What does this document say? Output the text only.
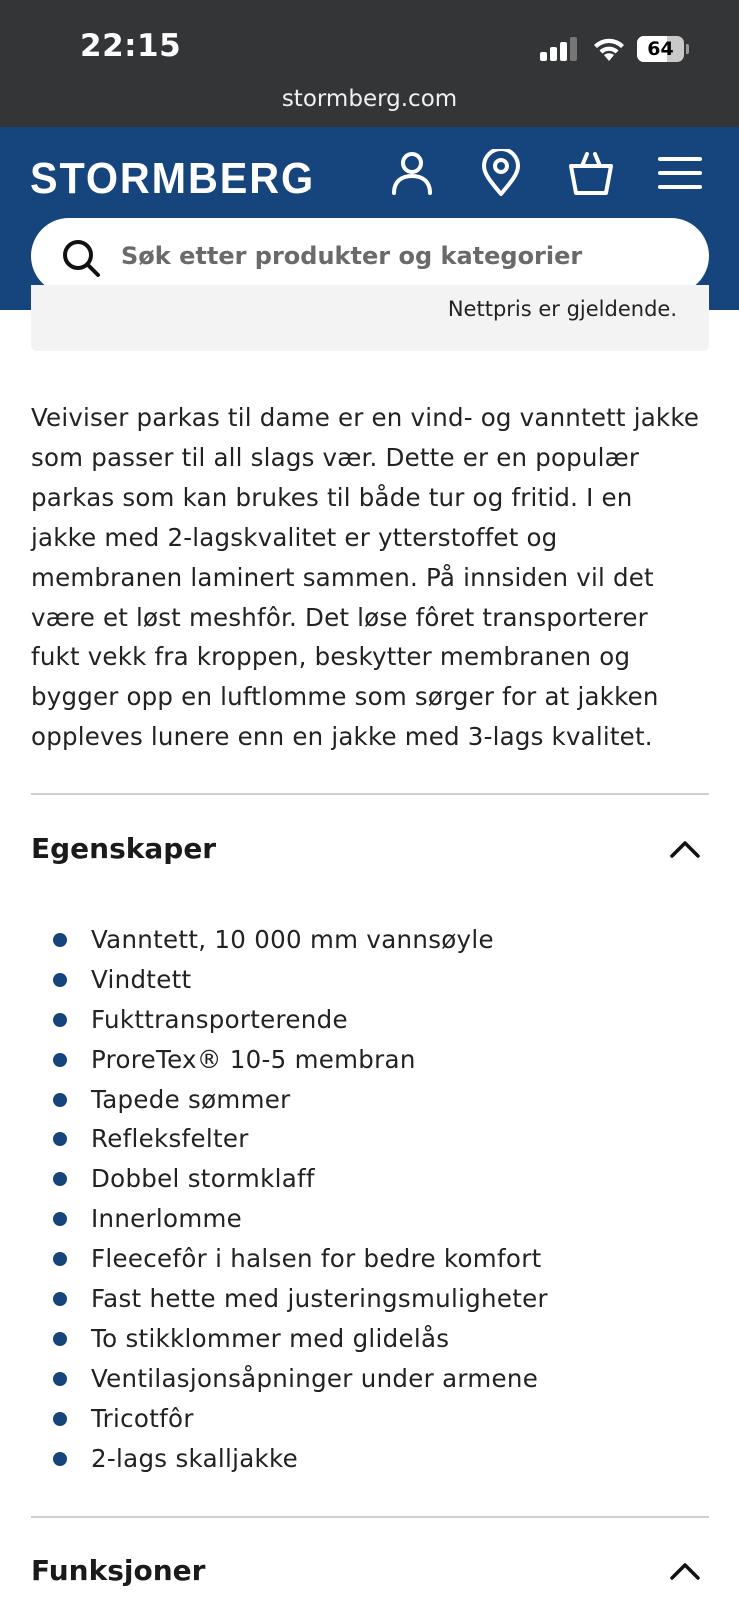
22:15	64
stormberg.com
STORMBERG
Søk etter produkter og kategorier
Nettpris er gjeldende.
Veiviser parkas til dame er en vind- og vanntett jakke
som passer til all slags vær. Dette er en populær
parkas som kan brukes til både tur og fritid. I en
jakke med 2-lagskvalitet er ytterstoffet og
membranen laminert sammen. På innsiden vil det
være et løst meshfôr. Det løse fôret transporterer
fukt vekk fra kroppen, beskytter membranen og
bygger opp en luftlomme som sørger for at jakken
oppleves lunere enn en jakke med 3-lags kvalitet.
Egenskaper
Vanntett, 10 000 mm vannsøyle
Vindtett
Fukttransporterende
ProreTex® 10-5 membran
Tapede sømmer
Refleksfelter
Dobbel stormklaff
Innerlomme
Fleecefôr i halsen for bedre komfort
Fast hette med justeringsmuligheter
To stikklommer med glidelås
Ventilasjonsåpninger under armene
Tricotfôr
2-lags skalljakke
Funksjoner
